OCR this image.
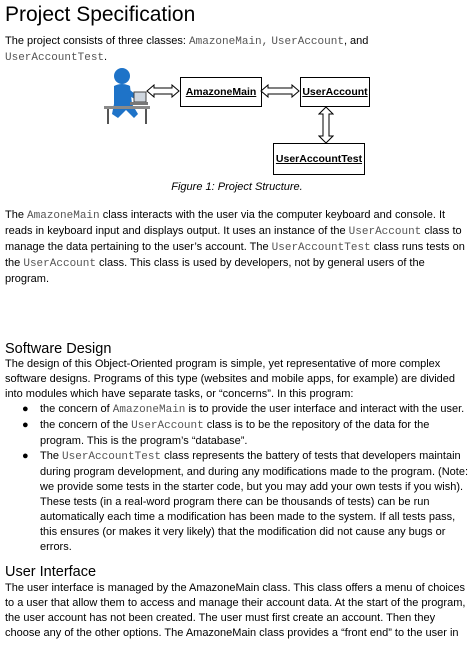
Project Specification

The project consists of three classes: AmazoneMain, UserAccount, and
UserAccountTest.

AmazoneMain	UserAccount
UserAccountTest
Figure 1: Project Structure.

The AmazoneMain class interacts with the user via the computer keyboard and console. It
reads in keyboard input and displays output. It uses an instance of the UserAccount class to
manage the data pertaining to the user’s account. The UserAccountTest class runs tests on
the UserAccount class. This class is used by developers, not by general users of the program.

Software Design

The design of this Object-Oriented program is simple, yet representative of more complex
software designs. Programs of this type (websites and mobile apps, for example) are divided
into modules which have separate tasks, or “concerns”. In this program:

● the concern of AmazoneMain is to provide the user interface and interact with the user.
● the concern of the UserAccount class is to be the repository of the data for the
program. This is the program’s “database”.
● The UserAccountTest class represents the battery of tests that developers maintain
during program development, and during any modifications made to the program. (Note:
we provide some tests in the starter code, but you may add your own tests if you wish).
These tests (in a real-word program there can be thousands of tests) can be run
automatically each time a modification has been made to the system. If all tests pass,
this ensures (or makes it very likely) that the modification did not cause any bugs or
errors.
User Interface

The user interface is managed by the AmazoneMain class. This class offers a menu of choices
to a user that allow them to access and manage their account data. At the start of the program,
the user account has not been created. The user must first create an account. Then they
choose any of the other options. The AmazoneMain class provides a “front end” to the user in
